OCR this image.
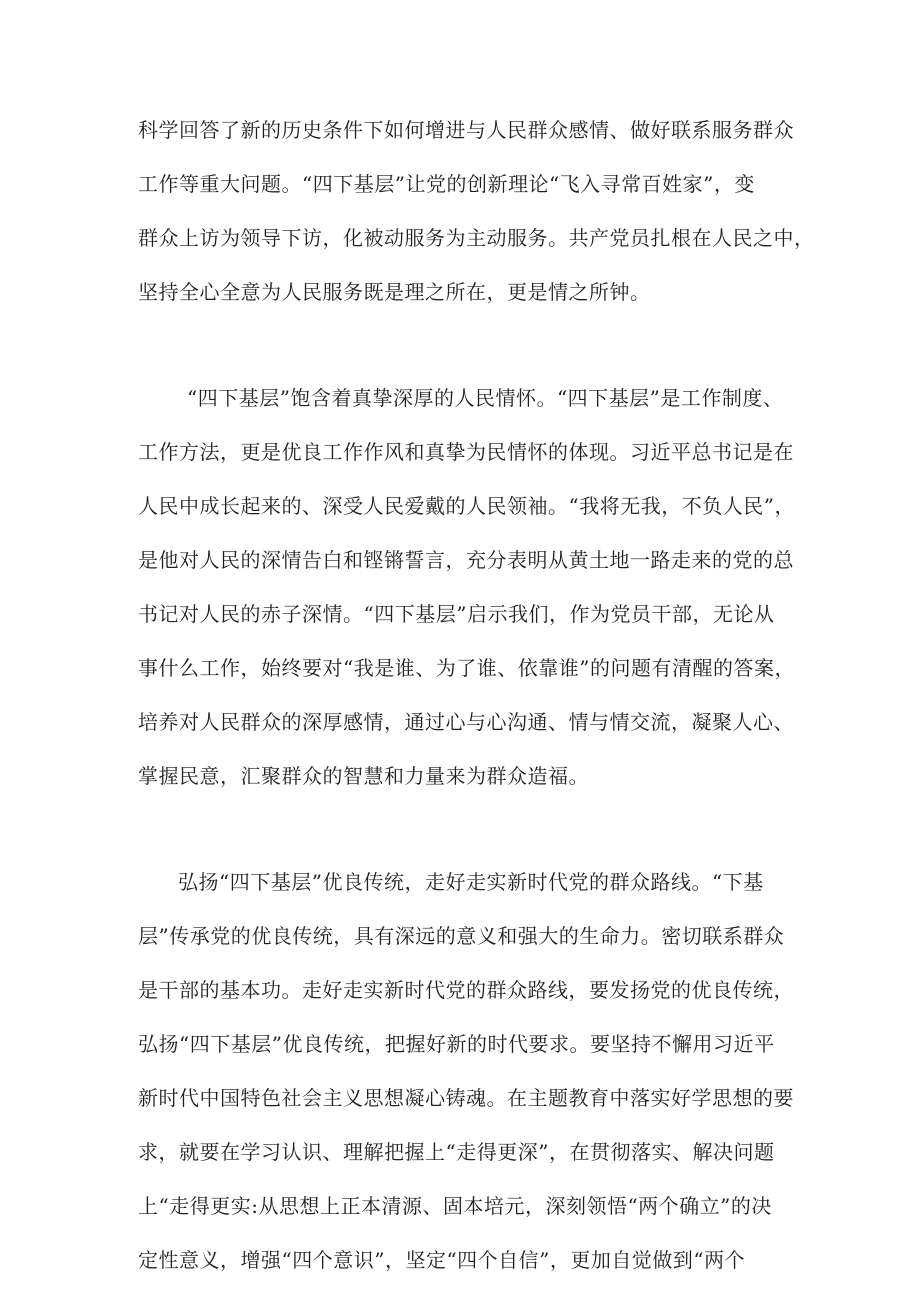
科学回答了新的历史条件下如何增进与人民群众感情、做好联系服务群众
工作等重大问题。“四下基层”让党的创新理论“飞入寻常百姓家”，变
群众上访为领导下访，化被动服务为主动服务。共产党员扎根在人民之中，
坚持全心全意为人民服务既是理之所在，更是情之所钟。
“四下基层”饱含着真挚深厚的人民情怀。“四下基层”是工作制度、
工作方法，更是优良工作作风和真挚为民情怀的体现。习近平总书记是在
人民中成长起来的、深受人民爱戴的人民领袖。“我将无我，不负人民”，
是他对人民的深情告白和铿锵誓言，充分表明从黄土地一路走来的党的总
书记对人民的赤子深情。“四下基层”启示我们，作为党员干部，无论从
事什么工作，始终要对“我是谁、为了谁、依靠谁”的问题有清醒的答案，
培养对人民群众的深厚感情，通过心与心沟通、情与情交流，凝聚人心、
掌握民意，汇聚群众的智慧和力量来为群众造福。
弘扬“四下基层”优良传统，走好走实新时代党的群众路线。“下基
层”传承党的优良传统，具有深远的意义和强大的生命力。密切联系群众
是干部的基本功。走好走实新时代党的群众路线，要发扬党的优良传统，
弘扬“四下基层”优良传统，把握好新的时代要求。要坚持不懈用习近平
新时代中国特色社会主义思想凝心铸魂。在主题教育中落实好学思想的要
求，就要在学习认识、理解把握上“走得更深”，在贯彻落实、解决问题
上“走得更实:从思想上正本清源、固本培元，深刻领悟“两个确立”的决
定性意义，增强“四个意识”，坚定“四个自信”，更加自觉做到“两个
